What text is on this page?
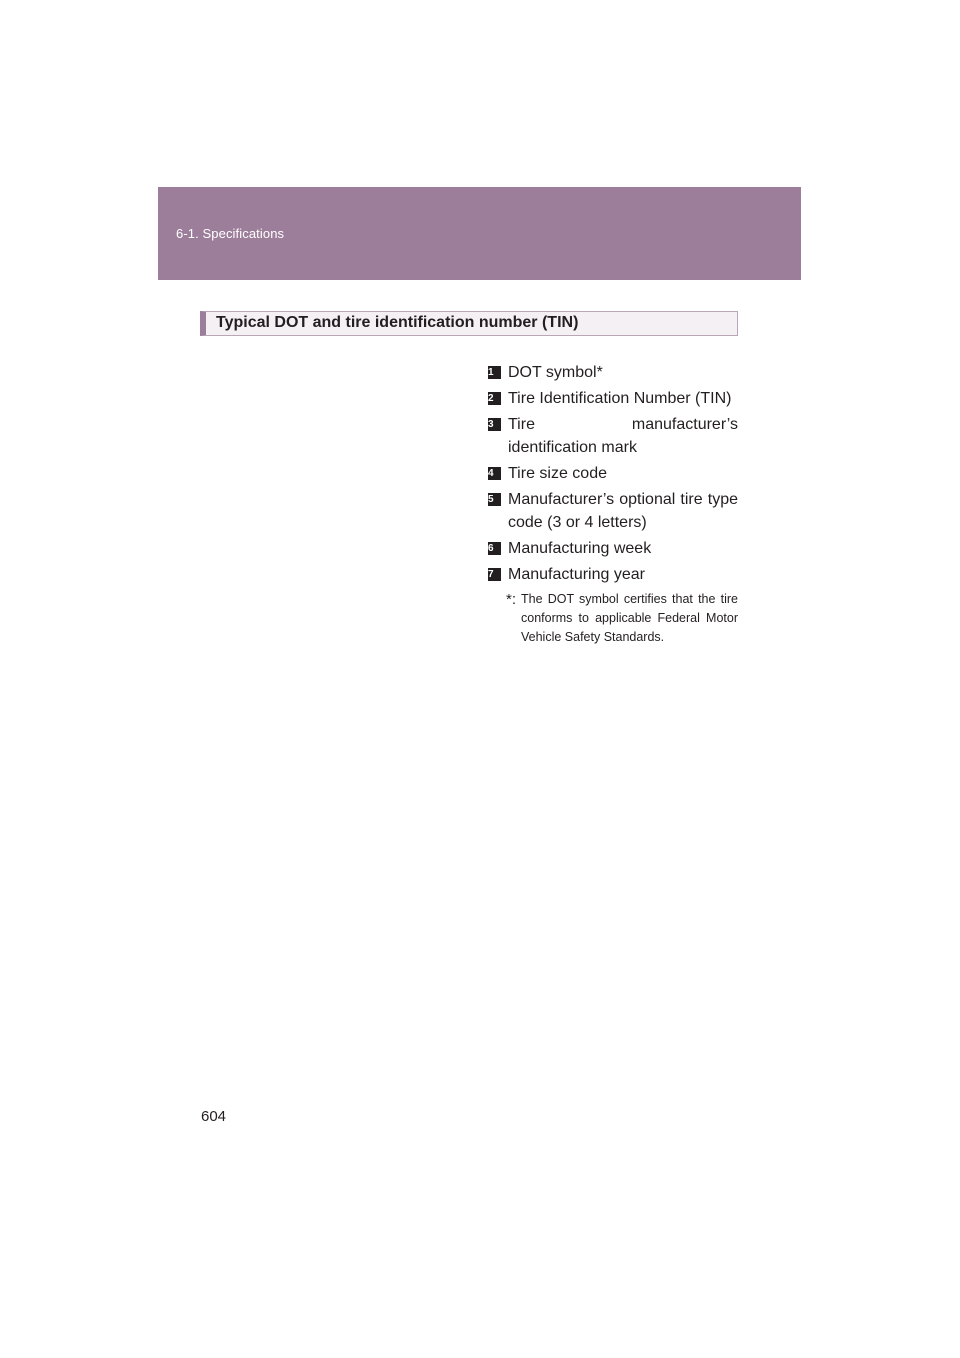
6-1. Specifications
Typical DOT and tire identification number (TIN)
1 DOT symbol*
2 Tire Identification Number (TIN)
3 Tire manufacturer’s identification mark
4 Tire size code
5 Manufacturer’s optional tire type code (3 or 4 letters)
6 Manufacturing week
7 Manufacturing year
*: The DOT symbol certifies that the tire conforms to applicable Federal Motor Vehicle Safety Standards.
604
